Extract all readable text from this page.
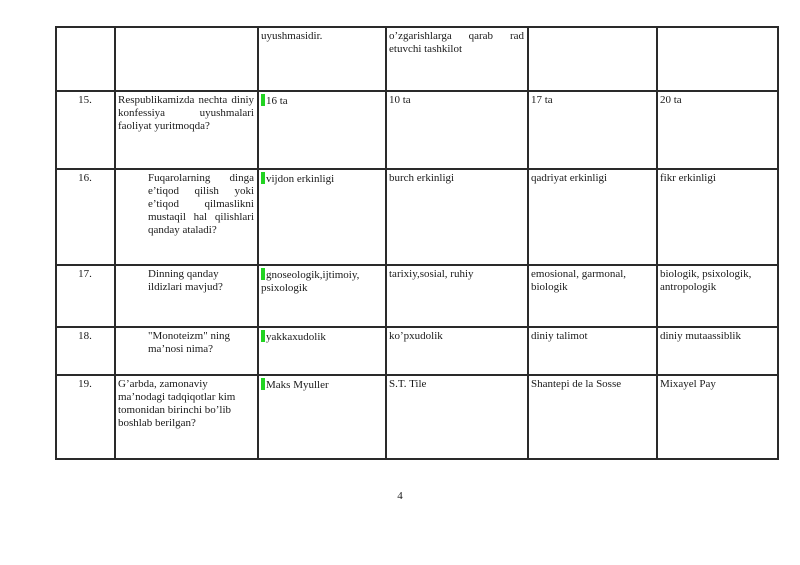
		uyushmasidir.	o’zgarishlarga qarab rad etuvchi tashkilot		
15.	Respublikamizda nechta diniy konfessiya uyushmalari faoliyat yuritmoqda?	16 ta	10 ta	17 ta	20 ta
16.	Fuqarolarning dinga e’tiqod qilish yoki e’tiqod qilmaslikni mustaqil hal qilishlari qanday ataladi?	vijdon erkinligi	burch erkinligi	qadriyat erkinligi	fikr erkinligi
17.	Dinning qanday ildizlari mavjud?	gnoseologik,ijtimoiy, psixologik	tarixiy,sosial, ruhiy	emosional, garmonal, biologik	biologik, psixologik, antropologik
18.	"Monoteizm" ning ma’nosi nima?	yakkaxudolik	ko’pxudolik	diniy talimot	diniy mutaassiblik
19.	G’arbda, zamonaviy ma’nodagi tadqiqotlar kim tomonidan birinchi bo’lib boshlab berilgan?	Maks Myuller	S.T. Tile	Shantepi de la Sosse	Mixayel Pay
4
